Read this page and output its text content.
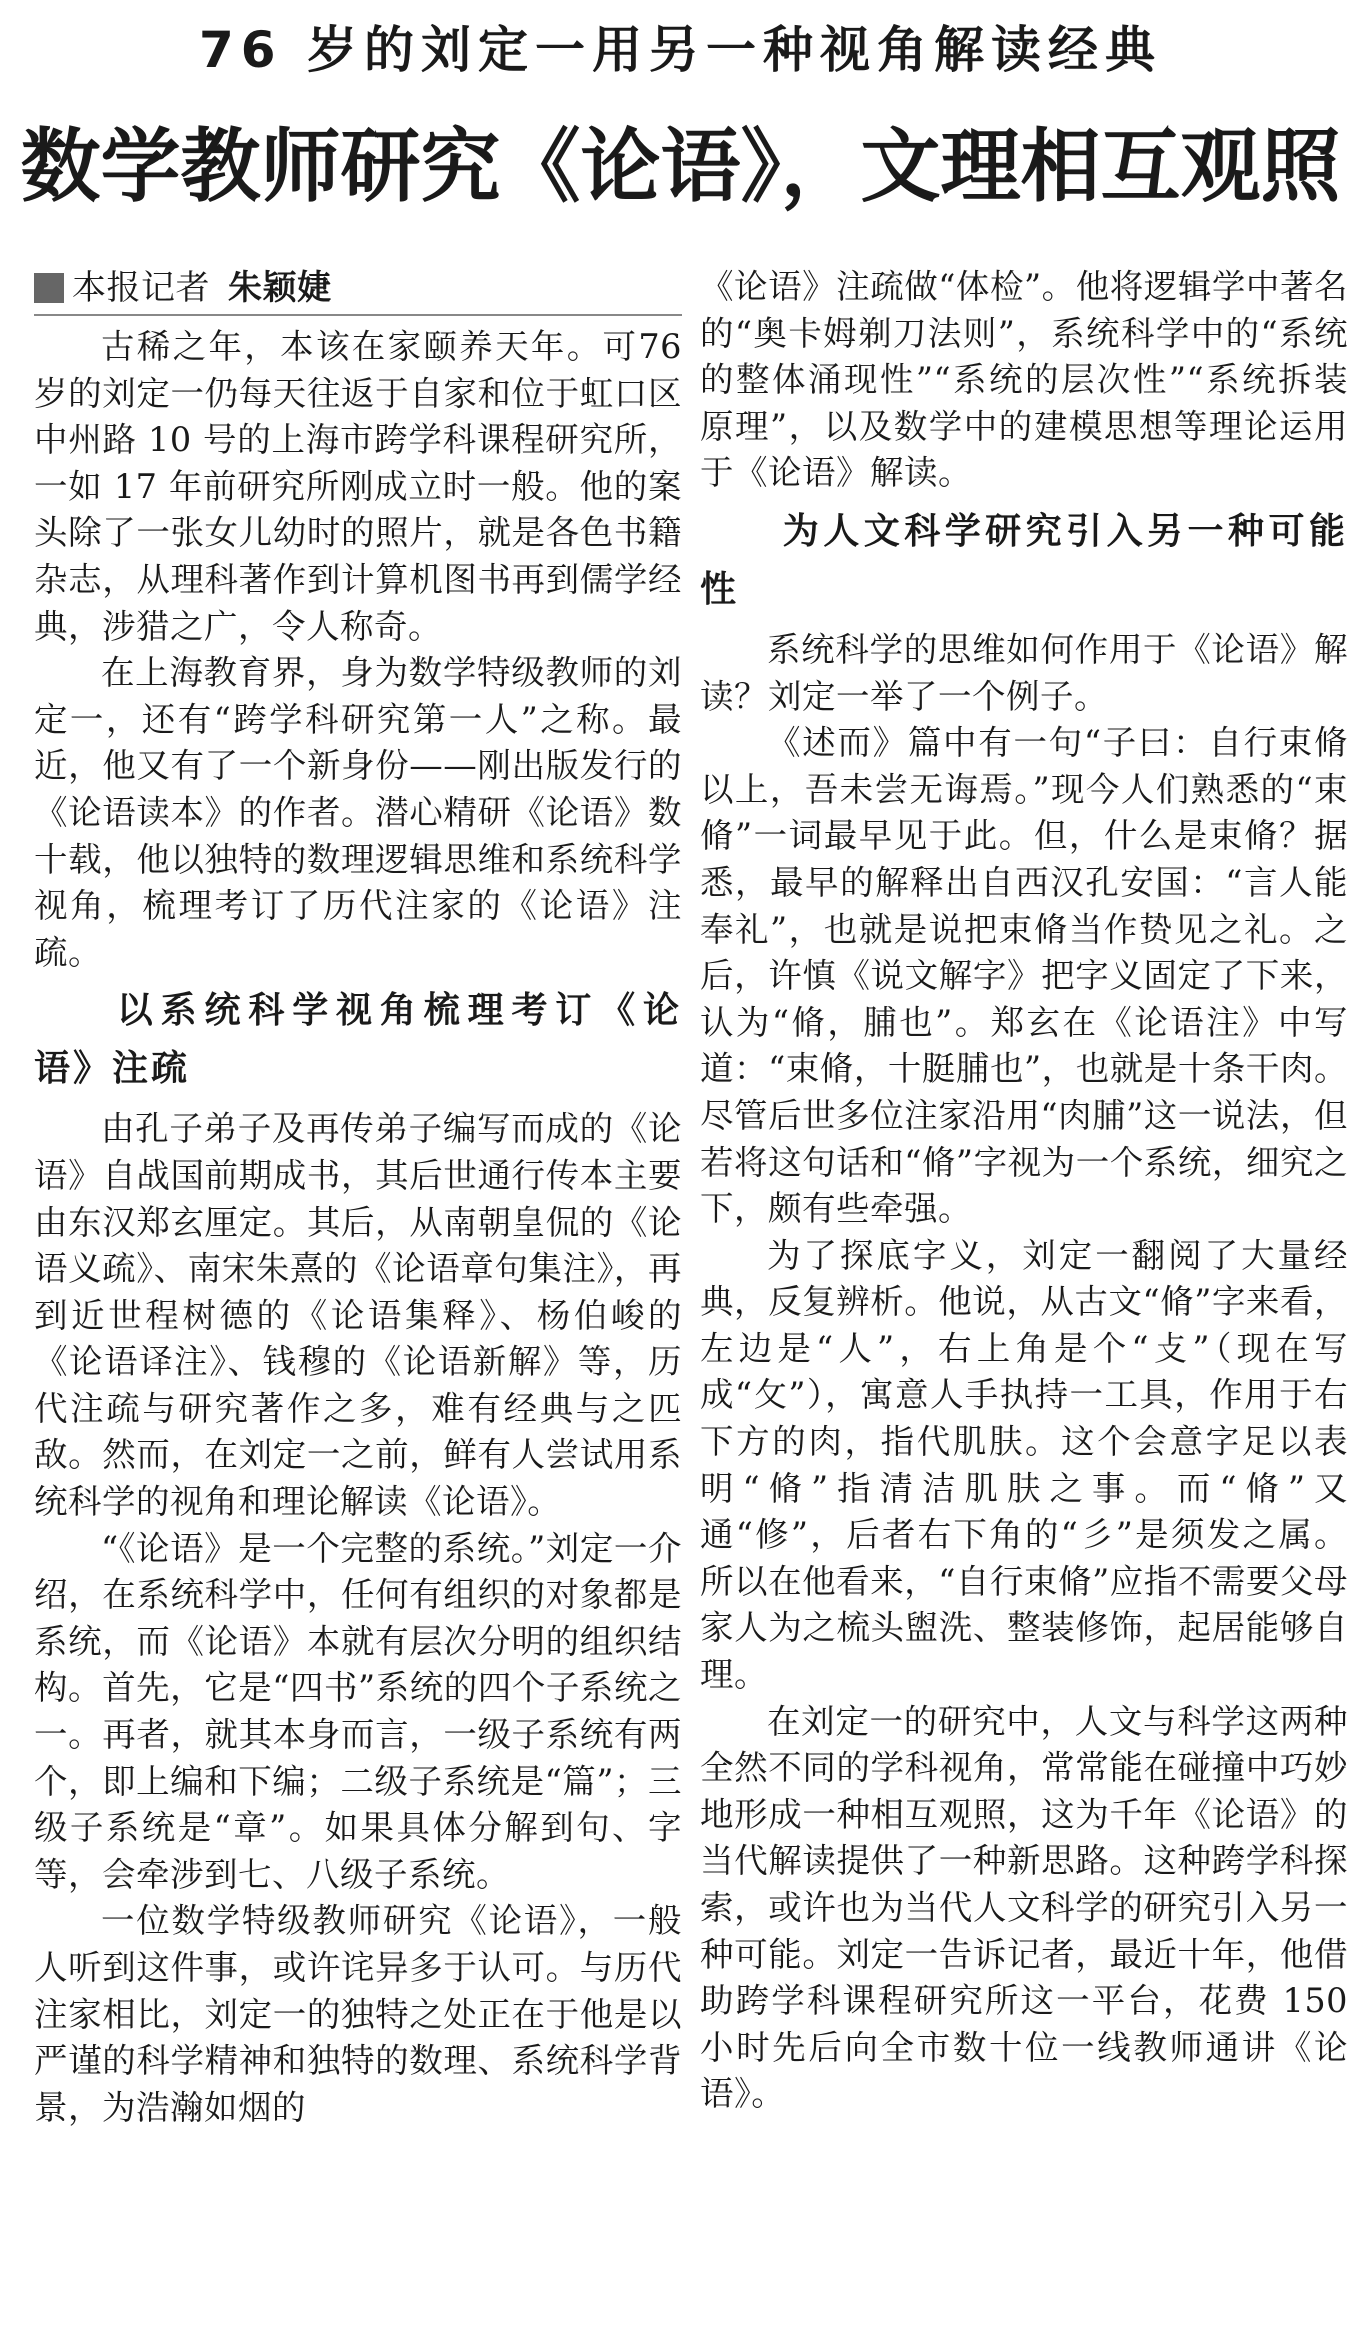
76 岁的刘定一用另一种视角解读经典
数学教师研究《论语》，文理相互观照
本报记者 朱颖婕

古稀之年，本该在家颐养天年。可76 岁的刘定一仍每天往返于自家和位于虹口区中州路 10 号的上海市跨学科课程研究所，一如 17 年前研究所刚成立时一般。他的案头除了一张女儿幼时的照片，就是各色书籍杂志，从理科著作到计算机图书再到儒学经典，涉猎之广，令人称奇。

在上海教育界，身为数学特级教师的刘定一，还有“跨学科研究第一人”之称。最近，他又有了一个新身份——刚出版发行的《论语读本》的作者。潜心精研《论语》数十载，他以独特的数理逻辑思维和系统科学视角，梳理考订了历代注家的《论语》注疏。

以系统科学视角梳理考订《论语》注疏

由孔子弟子及再传弟子编写而成的《论语》自战国前期成书，其后世通行传本主要由东汉郑玄厘定。其后，从南朝皇侃的《论语义疏》、南宋朱熹的《论语章句集注》，再到近世程树德的《论语集释》、杨伯峻的《论语译注》、钱穆的《论语新解》等，历代注疏与研究著作之多，难有经典与之匹敌。然而，在刘定一之前，鲜有人尝试用系统科学的视角和理论解读《论语》。

“《论语》是一个完整的系统。”刘定一介绍，在系统科学中，任何有组织的对象都是系统，而《论语》本就有层次分明的组织结构。首先，它是“四书”系统的四个子系统之一。再者，就其本身而言，一级子系统有两个，即上编和下编；二级子系统是“篇”；三级子系统是“章”。如果具体分解到句、字等，会牵涉到七、八级子系统。

一位数学特级教师研究《论语》，一般人听到这件事，或许诧异多于认可。与历代注家相比，刘定一的独特之处正在于他是以严谨的科学精神和独特的数理、系统科学背景，为浩瀚如烟的

《论语》注疏做“体检”。他将逻辑学中著名的“奥卡姆剃刀法则”，系统科学中的“系统的整体涌现性”“系统的层次性”“系统拆装原理”，以及数学中的建模思想等理论运用于《论语》解读。

为人文科学研究引入另一种可能性

系统科学的思维如何作用于《论语》解读？刘定一举了一个例子。

《述而》篇中有一句“子曰：自行束脩以上，吾未尝无诲焉。”现今人们熟悉的“束脩”一词最早见于此。但，什么是束脩？据悉，最早的解释出自西汉孔安国：“言人能奉礼”，也就是说把束脩当作贽见之礼。之后，许慎《说文解字》把字义固定了下来，认为“脩，脯也”。郑玄在《论语注》中写道：“束脩，十脡脯也”，也就是十条干肉。尽管后世多位注家沿用“肉脯”这一说法，但若将这句话和“脩”字视为一个系统，细究之下，颇有些牵强。

为了探底字义，刘定一翻阅了大量经典，反复辨析。他说，从古文“脩”字来看，左边是“人”，右上角是个“攴”（现在写成“攵”），寓意人手执持一工具，作用于右下方的肉，指代肌肤。这个会意字足以表明“脩”指清洁肌肤之事。而“脩”又通“修”，后者右下角的“彡”是须发之属。所以在他看来，“自行束脩”应指不需要父母家人为之梳头盥洗、整装修饰，起居能够自理。

在刘定一的研究中，人文与科学这两种全然不同的学科视角，常常能在碰撞中巧妙地形成一种相互观照，这为千年《论语》的当代解读提供了一种新思路。这种跨学科探索，或许也为当代人文科学的研究引入另一种可能。刘定一告诉记者，最近十年，他借助跨学科课程研究所这一平台，花费 150 小时先后向全市数十位一线教师通讲《论语》。
